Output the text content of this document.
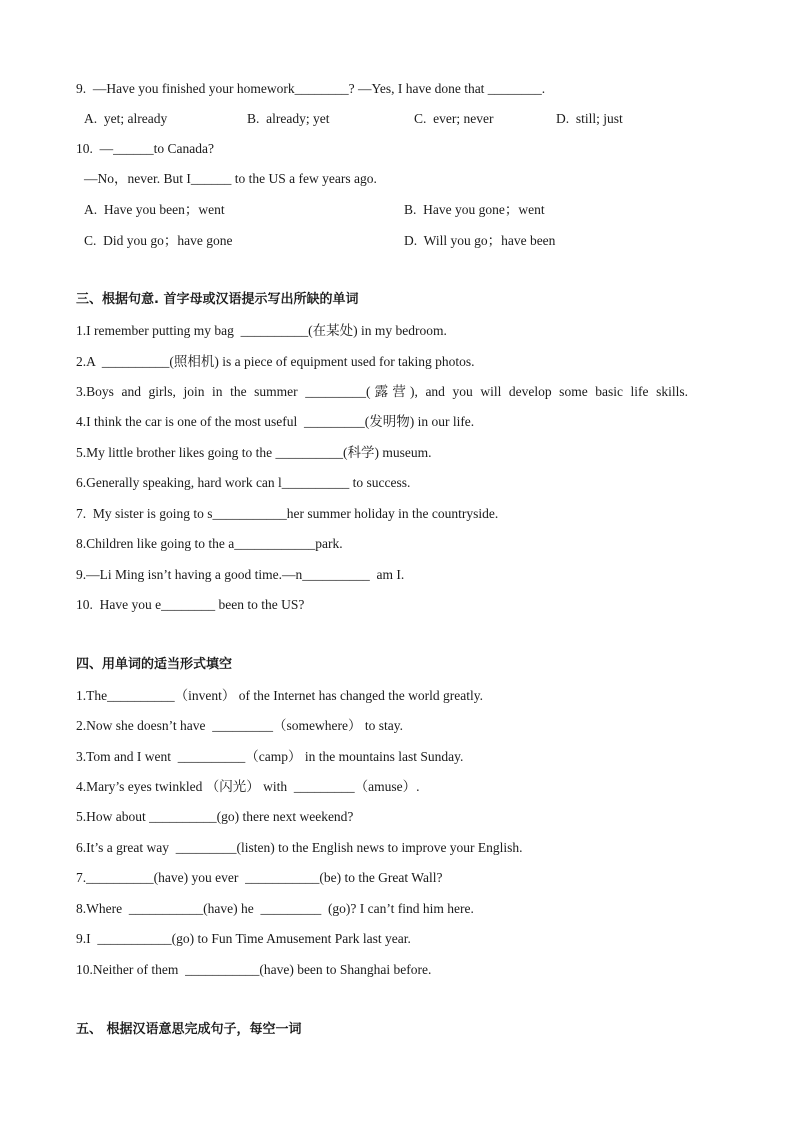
9.  —Have you finished your homework________? —Yes, I have done that ________.
A.  yet; already	B.  already; yet	C.  ever; never	D.  still; just
10.  —______to Canada?
—No，never. But I______ to the US a few years ago.
A.  Have you been；went	B.  Have you gone；went
C.  Did you go；have gone	D.  Will you go；have been
三、根据句意. 首字母或汉语提示写出所缺的单词
1.I remember putting my bag  __________(在某处) in my bedroom.
2.A  __________(照相机) is a piece of equipment used for taking photos.
3.Boys and girls, join in the summer _________(露营), and you will develop some basic life skills.
4.I think the car is one of the most useful  _________(发明物) in our life.
5.My little brother likes going to the __________(科学) museum.
6.Generally speaking, hard work can l__________ to success.
7.  My sister is going to s___________her summer holiday in the countryside.
8.Children like going to the a____________park.
9.—Li Ming isn’t having a good time.—n__________  am I.
10.  Have you e________ been to the US?
四、用单词的适当形式填空
1.The__________（invent） of the Internet has changed the world greatly.
2.Now she doesn’t have  _________（somewhere） to stay.
3.Tom and I went  __________（camp） in the mountains last Sunday.
4.Mary’s eyes twinkled （闪光） with  _________（amuse）.
5.How about __________(go) there next weekend?
6.It’s a great way  _________(listen) to the English news to improve your English.
7.__________(have) you ever  ___________(be) to the Great Wall?
8.Where  ___________(have) he  _________  (go)? I can’t find him here.
9.I  ___________(go) to Fun Time Amusement Park last year.
10.Neither of them  ___________(have) been to Shanghai before.
五、 根据汉语意思完成句子，每空一词
